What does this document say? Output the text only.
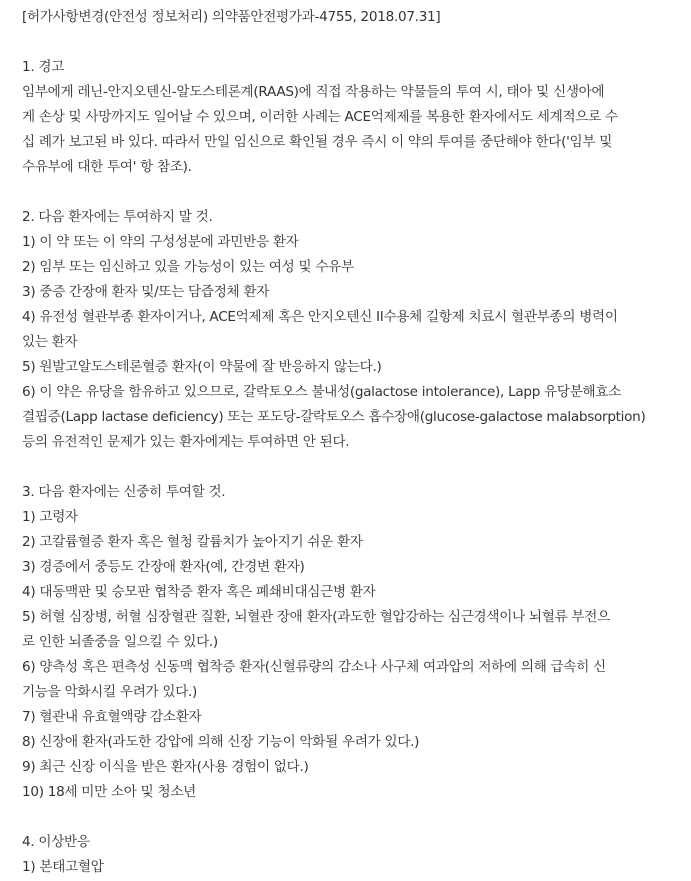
[허가사항변경(안전성 정보처리) 의약품안전평가과-4755, 2018.07.31]
1. 경고
임부에게 레닌-안지오텐신-알도스테론계(RAAS)에 직접 작용하는 약물들의 투여 시, 태아 및 신생아에
게 손상 및 사망까지도 일어날 수 있으며, 이러한 사례는 ACE억제제를 복용한 환자에서도 세계적으로 수
십 례가 보고된 바 있다. 따라서 만일 임신으로 확인될 경우 즉시 이 약의 투여를 중단해야 한다('임부 및
수유부에 대한 투여' 항 참조).
2. 다음 환자에는 투여하지 말 것.
1) 이 약 또는 이 약의 구성성분에 과민반응 환자
2) 임부 또는 임신하고 있을 가능성이 있는 여성 및 수유부
3) 중증 간장애 환자 및/또는 담즙정체 환자
4) 유전성 혈관부종 환자이거나, ACE억제제 혹은 안지오텐신 II수용체 길항제 치료시 혈관부종의 병력이
있는 환자
5) 원발고알도스테론혈증 환자(이 약물에 잘 반응하지 않는다.)
6) 이 약은 유당을 함유하고 있으므로, 갈락토오스 불내성(galactose intolerance), Lapp 유당분해효소
결핍증(Lapp lactase deficiency) 또는 포도당-갈락토오스 흡수장애(glucose-galactose malabsorption)
등의 유전적인 문제가 있는 환자에게는 투여하면 안 된다.
3. 다음 환자에는 신중히 투여할 것.
1) 고령자
2) 고칼륨혈증 환자 혹은 혈청 칼륨치가 높아지기 쉬운 환자
3) 경증에서 중등도 간장애 환자(예, 간경변 환자)
4) 대동맥판 및 승모판 협착증 환자 혹은 폐쇄비대심근병 환자
5) 허혈 심장병, 허혈 심장혈관 질환, 뇌혈관 장애 환자(과도한 혈압강하는 심근경색이나 뇌혈류 부전으
로 인한 뇌졸중을 일으킬 수 있다.)
6) 양측성 혹은 편측성 신동맥 협착증 환자(신혈류량의 감소나 사구체 여과압의 저하에 의해 급속히 신
기능을 악화시킬 우려가 있다.)
7) 혈관내 유효혈액량 감소환자
8) 신장애 환자(과도한 강압에 의해 신장 기능이 악화될 우려가 있다.)
9) 최근 신장 이식을 받은 환자(사용 경험이 없다.)
10) 18세 미만 소아 및 청소년
4. 이상반응
1) 본태고혈압
